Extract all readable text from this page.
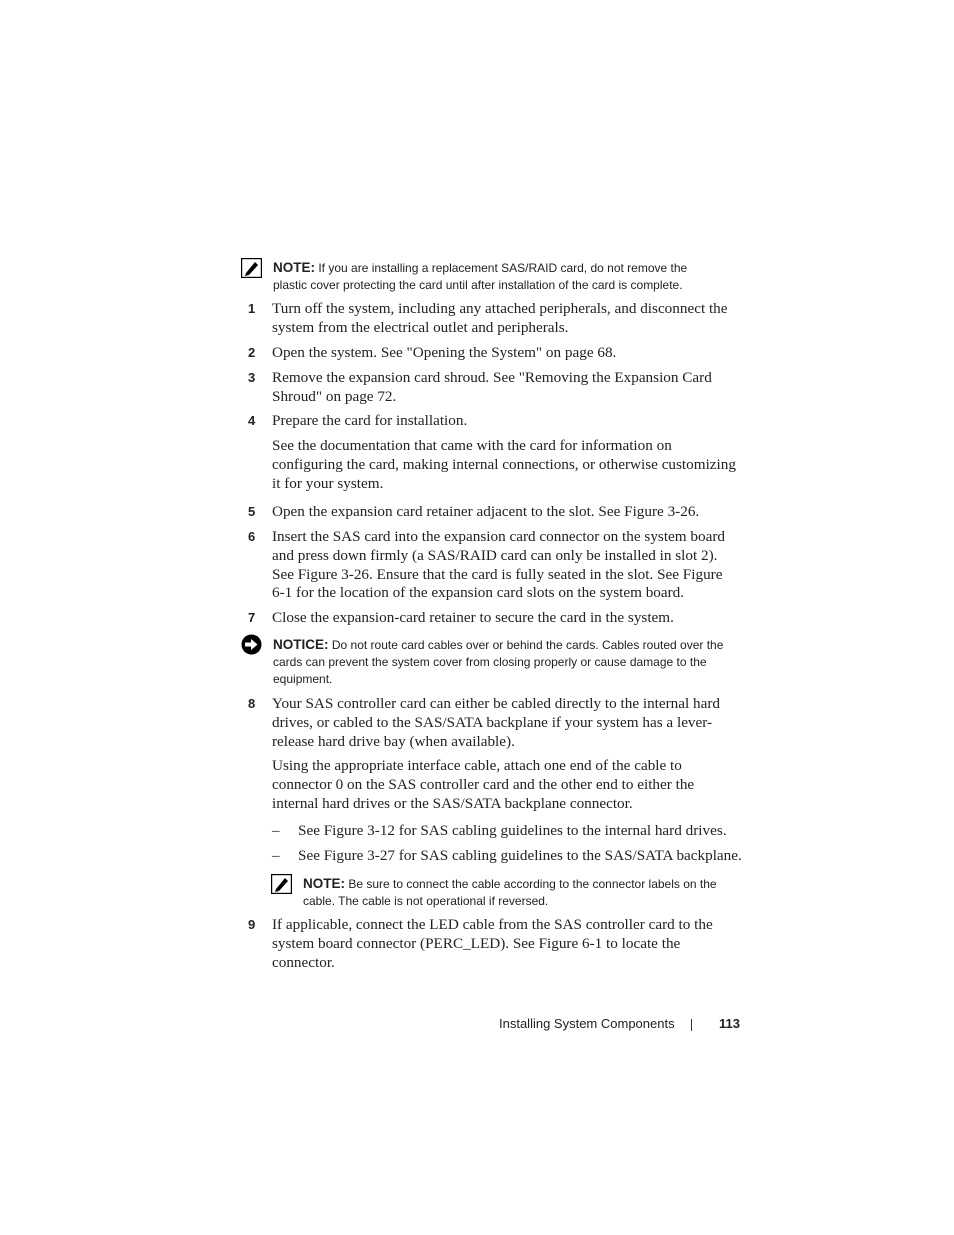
NOTE: If you are installing a replacement SAS/RAID card, do not remove the
plastic cover protecting the card until after installation of the card is complete.
1 Turn off the system, including any attached peripherals, and disconnect the system from the electrical outlet and peripherals.
2 Open the system. See "Opening the System" on page 68.
3 Remove the expansion card shroud. See "Removing the Expansion Card Shroud" on page 72.
4 Prepare the card for installation.
See the documentation that came with the card for information on configuring the card, making internal connections, or otherwise customizing it for your system.
5 Open the expansion card retainer adjacent to the slot. See Figure 3-26.
6 Insert the SAS card into the expansion card connector on the system board and press down firmly (a SAS/RAID card can only be installed in slot 2). See Figure 3-26. Ensure that the card is fully seated in the slot. See Figure 6-1 for the location of the expansion card slots on the system board.
7 Close the expansion-card retainer to secure the card in the system.
NOTICE: Do not route card cables over or behind the cards. Cables routed over the
cards can prevent the system cover from closing properly or cause damage to the
equipment.
8 Your SAS controller card can either be cabled directly to the internal hard drives, or cabled to the SAS/SATA backplane if your system has a lever-release hard drive bay (when available).
Using the appropriate interface cable, attach one end of the cable to connector 0 on the SAS controller card and the other end to either the internal hard drives or the SAS/SATA backplane connector.
– See Figure 3-12 for SAS cabling guidelines to the internal hard drives.
– See Figure 3-27 for SAS cabling guidelines to the SAS/SATA backplane.
NOTE: Be sure to connect the cable according to the connector labels on the
cable. The cable is not operational if reversed.
9 If applicable, connect the LED cable from the SAS controller card to the system board connector (PERC_LED). See Figure 6-1 to locate the connector.
Installing System Components	113
